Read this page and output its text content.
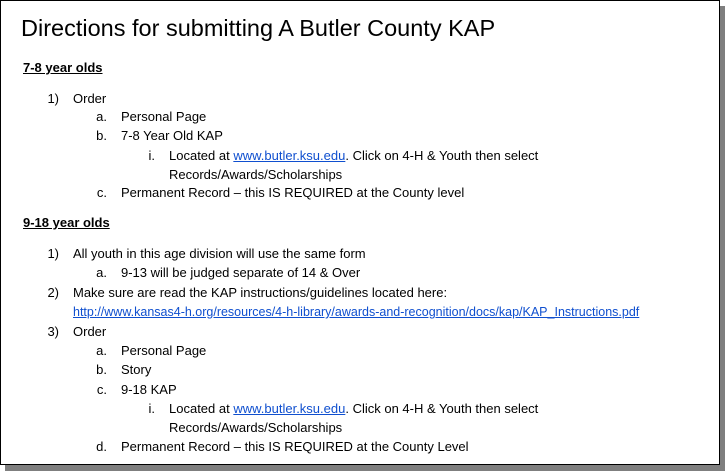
Directions for submitting A Butler County KAP
7-8 year olds
1) Order
a. Personal Page
b. 7-8 Year Old KAP
i. Located at www.butler.ksu.edu. Click on 4-H & Youth then select
Records/Awards/Scholarships
c. Permanent Record – this IS REQUIRED at the County level
9-18 year olds
1) All youth in this age division will use the same form
a. 9-13 will be judged separate of 14 & Over
2) Make sure are read the KAP instructions/guidelines located here:
http://www.kansas4-h.org/resources/4-h-library/awards-and-recognition/docs/kap/KAP_Instructions.pdf
3) Order
a. Personal Page
b. Story
c. 9-18 KAP
i. Located at www.butler.ksu.edu. Click on 4-H & Youth then select
Records/Awards/Scholarships
d. Permanent Record – this IS REQUIRED at the County Level
